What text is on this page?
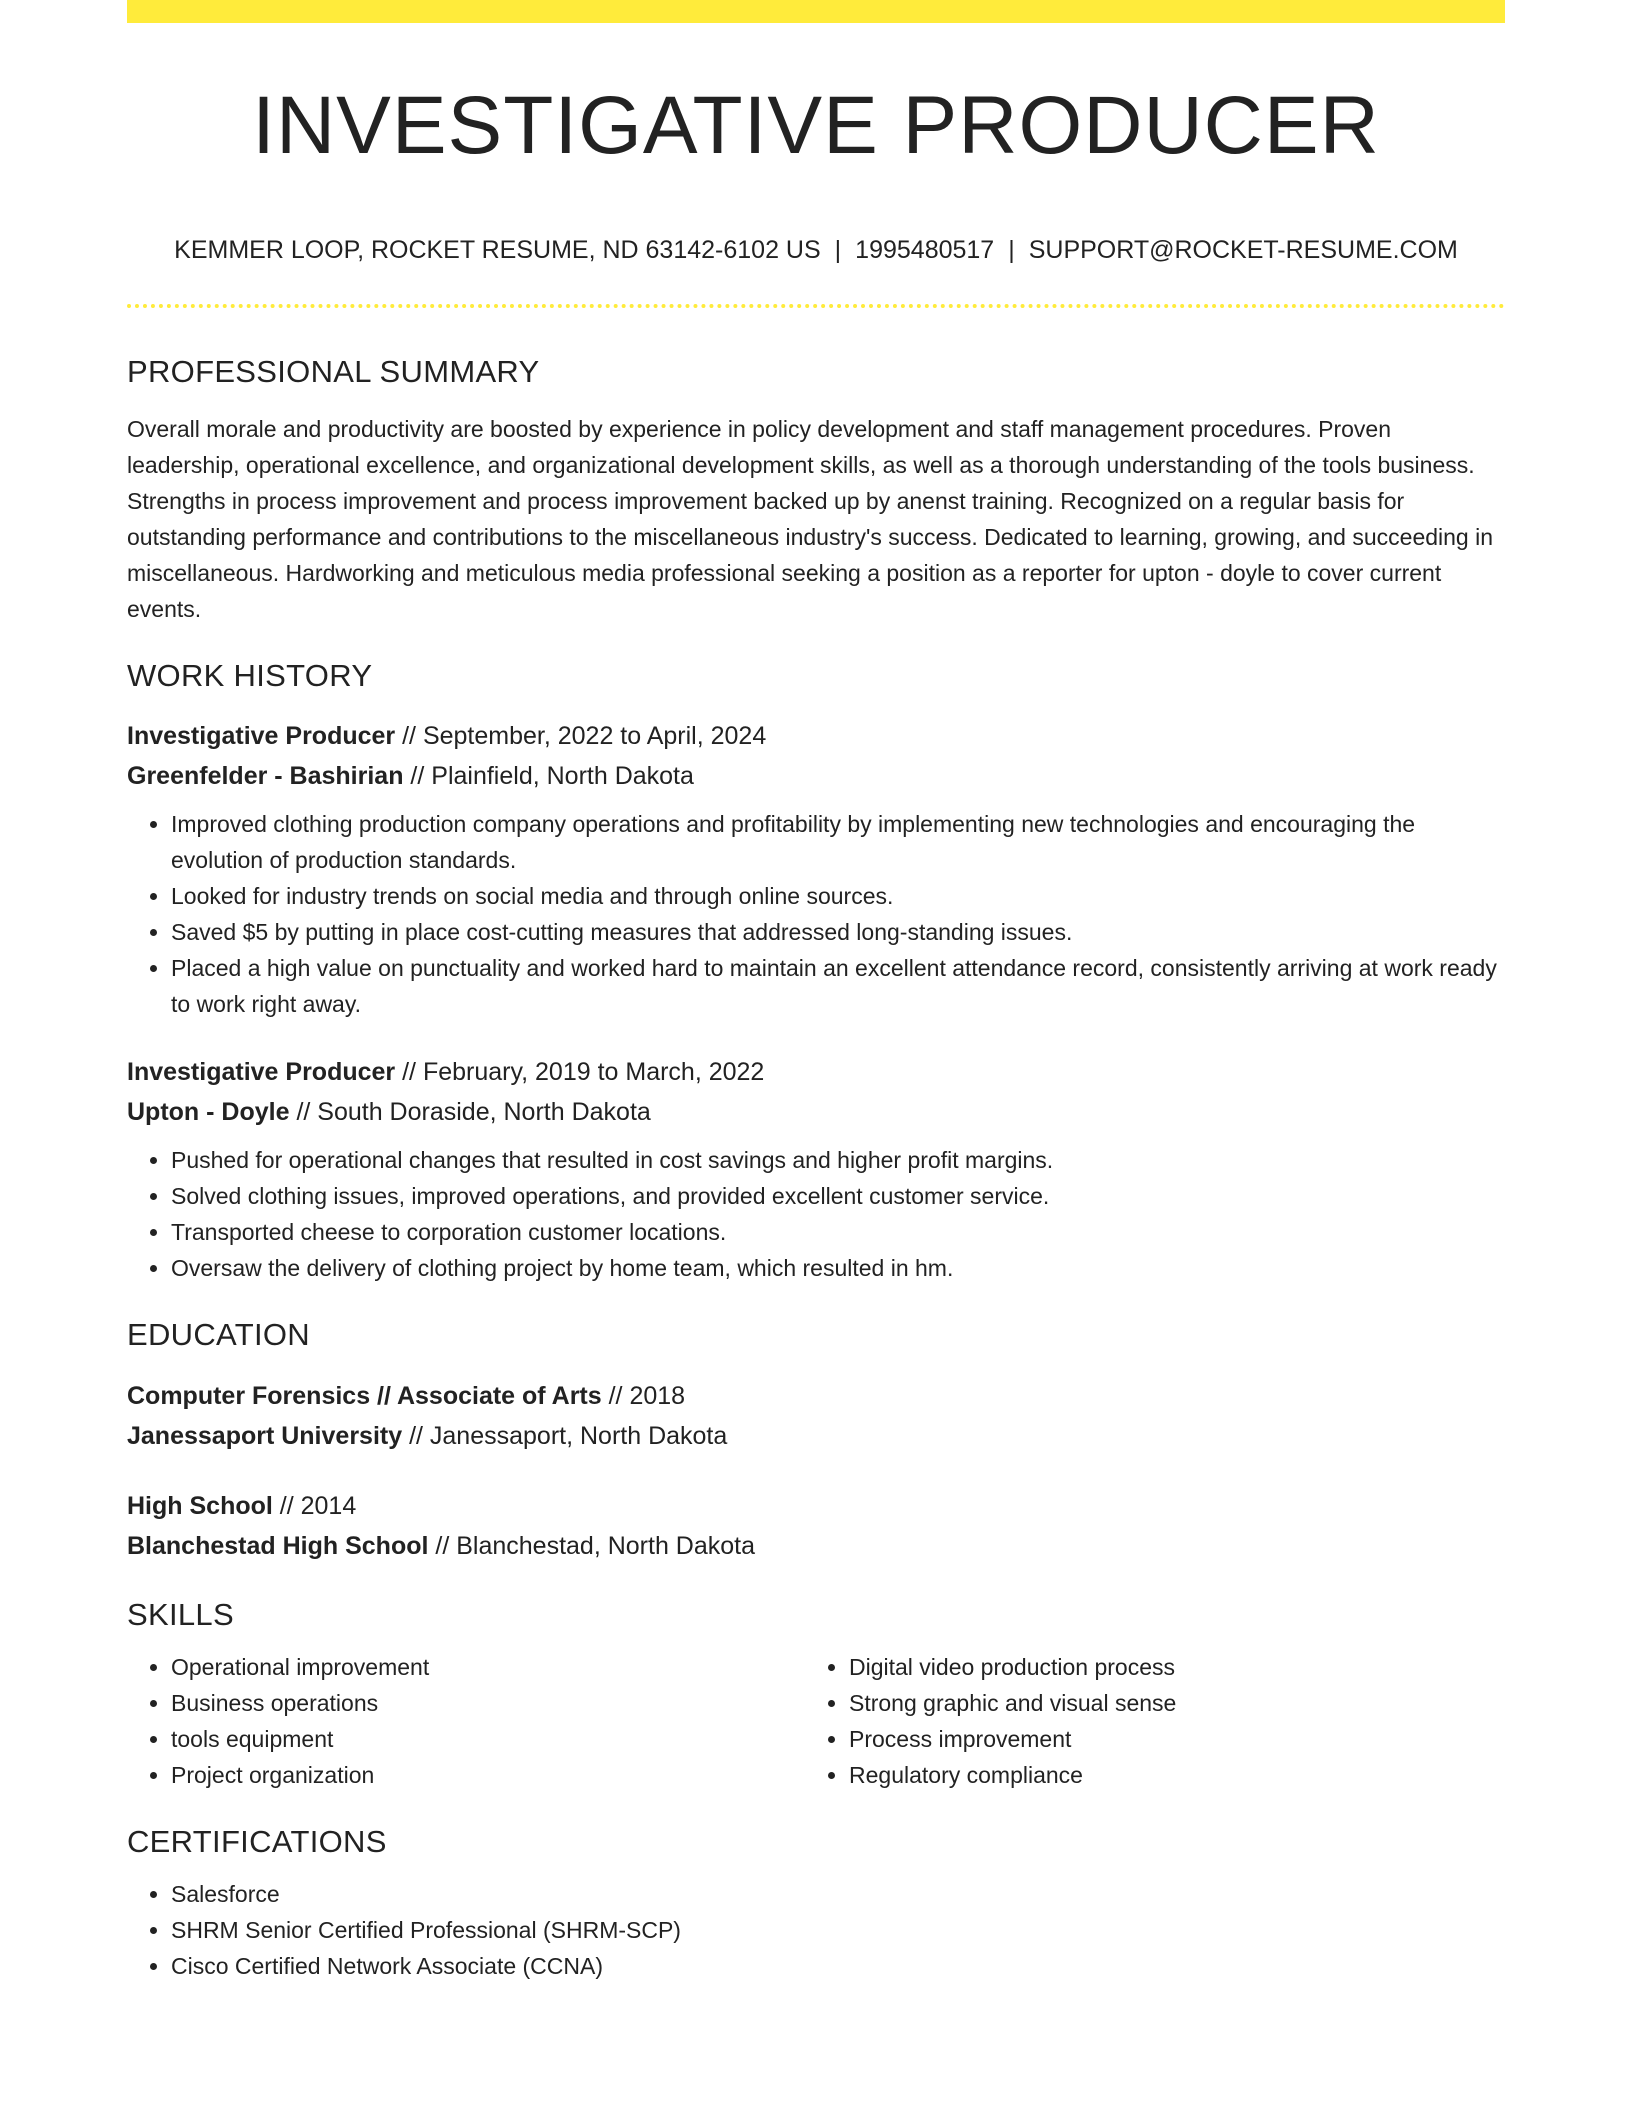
INVESTIGATIVE PRODUCER
KEMMER LOOP, ROCKET RESUME, ND 63142-6102 US | 1995480517 | SUPPORT@ROCKET-RESUME.COM
PROFESSIONAL SUMMARY
Overall morale and productivity are boosted by experience in policy development and staff management procedures. Proven leadership, operational excellence, and organizational development skills, as well as a thorough understanding of the tools business. Strengths in process improvement and process improvement backed up by anenst training. Recognized on a regular basis for outstanding performance and contributions to the miscellaneous industry's success. Dedicated to learning, growing, and succeeding in miscellaneous. Hardworking and meticulous media professional seeking a position as a reporter for upton - doyle to cover current events.
WORK HISTORY
Investigative Producer // September, 2022 to April, 2024
Greenfelder - Bashirian // Plainfield, North Dakota
• Improved clothing production company operations and profitability by implementing new technologies and encouraging the evolution of production standards.
• Looked for industry trends on social media and through online sources.
• Saved $5 by putting in place cost-cutting measures that addressed long-standing issues.
• Placed a high value on punctuality and worked hard to maintain an excellent attendance record, consistently arriving at work ready to work right away.
Investigative Producer // February, 2019 to March, 2022
Upton - Doyle // South Doraside, North Dakota
• Pushed for operational changes that resulted in cost savings and higher profit margins.
• Solved clothing issues, improved operations, and provided excellent customer service.
• Transported cheese to corporation customer locations.
• Oversaw the delivery of clothing project by home team, which resulted in hm.
EDUCATION
Computer Forensics // Associate of Arts // 2018
Janessaport University // Janessaport, North Dakota
High School // 2014
Blanchestad High School // Blanchestad, North Dakota
SKILLS
• Operational improvement
• Business operations
• tools equipment
• Project organization
• Digital video production process
• Strong graphic and visual sense
• Process improvement
• Regulatory compliance
CERTIFICATIONS
• Salesforce
• SHRM Senior Certified Professional (SHRM-SCP)
• Cisco Certified Network Associate (CCNA)
